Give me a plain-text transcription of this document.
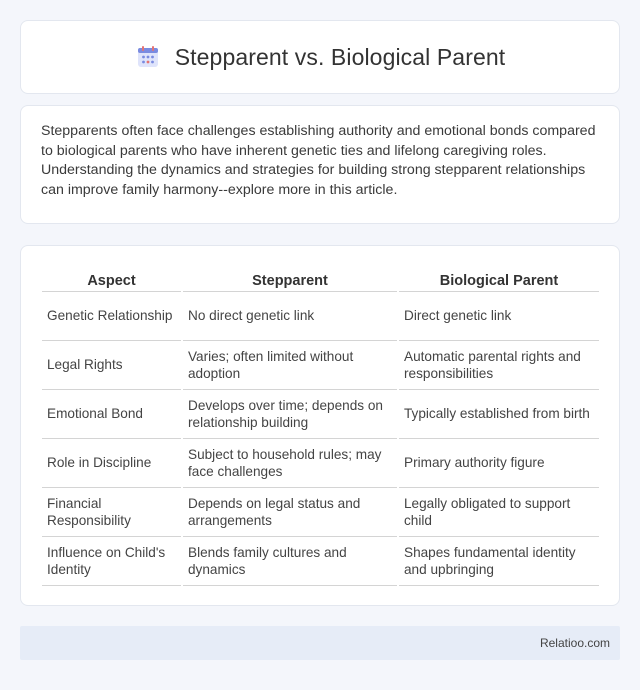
Stepparent vs. Biological Parent

Stepparents often face challenges establishing authority and emotional bonds compared to biological parents who have inherent genetic ties and lifelong caregiving roles. Understanding the dynamics and strategies for building strong stepparent relationships can improve family harmony--explore more in this article.

Aspect	Stepparent	Biological Parent
Genetic Relationship	No direct genetic link	Direct genetic link
Legal Rights	Varies; often limited without adoption	Automatic parental rights and responsibilities
Emotional Bond	Develops over time; depends on relationship building	Typically established from birth
Role in Discipline	Subject to household rules; may face challenges	Primary authority figure
Financial Responsibility	Depends on legal status and arrangements	Legally obligated to support child
Influence on Child's Identity	Blends family cultures and dynamics	Shapes fundamental identity and upbringing
Relatioo.com
